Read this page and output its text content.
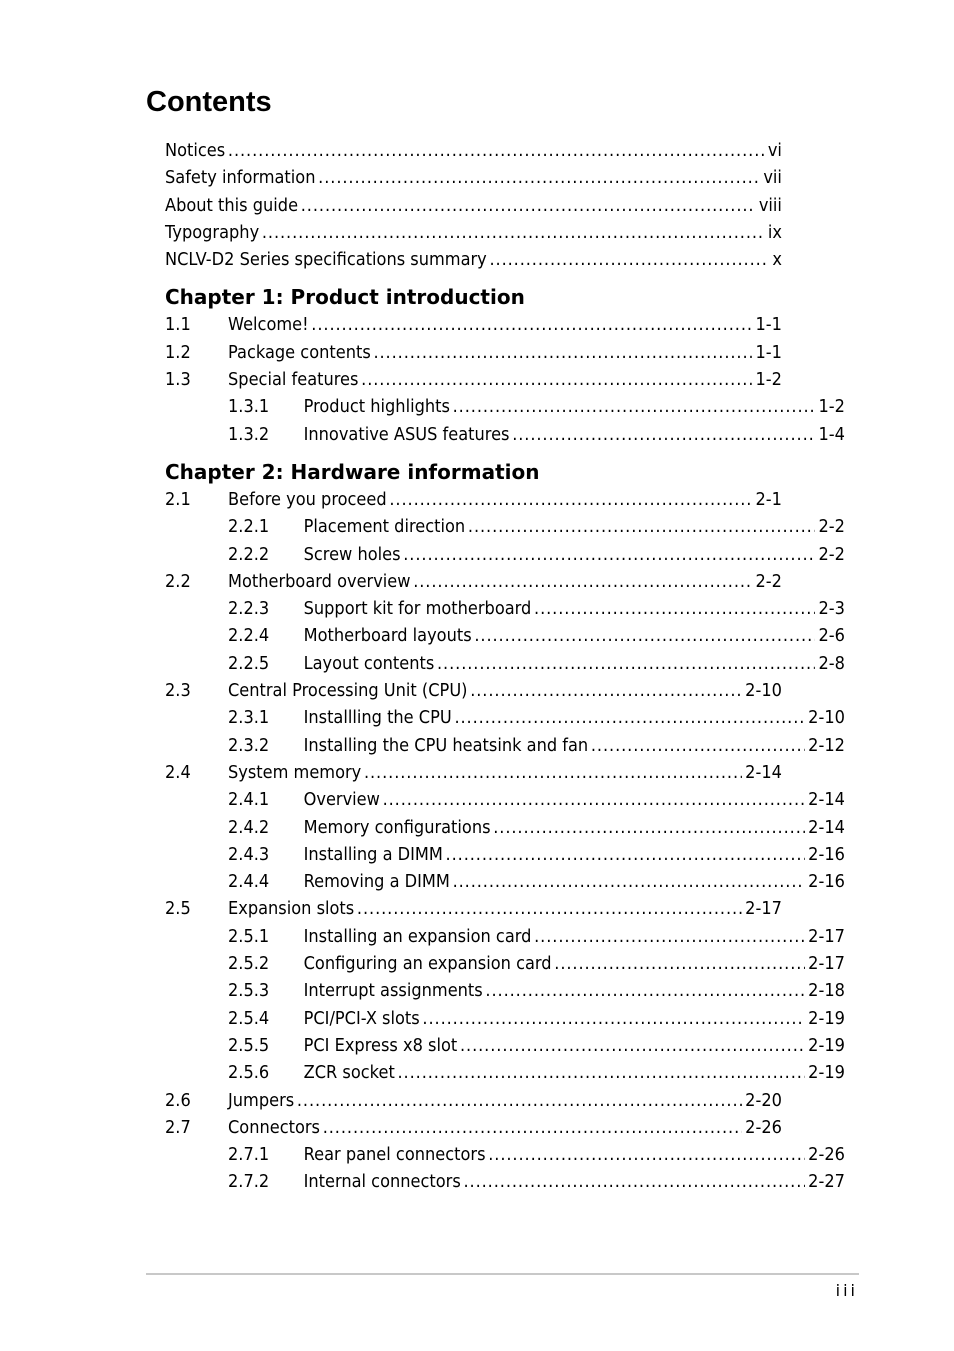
Contents
Notices .....	vi
Safety information .....	vii
About this guide .....	viii
Typography .....	ix
NCLV-D2 Series specifications summary .....	x
Chapter 1: Product introduction
1.1	Welcome! .....	1-1
1.2	Package contents .....	1-1
1.3	Special features .....	1-2
1.3.1	Product highlights .....	1-2
1.3.2	Innovative ASUS features .....	1-4
Chapter 2: Hardware information
2.1	Before you proceed .....	2-1
2.2.1	Placement direction .....	2-2
2.2.2	Screw holes .....	2-2
2.2	Motherboard overview .....	2-2
2.2.3	Support kit for motherboard .....	2-3
2.2.4	Motherboard layouts .....	2-6
2.2.5	Layout contents .....	2-8
2.3	Central Processing Unit (CPU) .....	2-10
2.3.1	Installling the CPU .....	2-10
2.3.2	Installing the CPU heatsink and fan .....	2-12
2.4	System memory .....	2-14
2.4.1	Overview .....	2-14
2.4.2	Memory configurations .....	2-14
2.4.3	Installing a DIMM .....	2-16
2.4.4	Removing a DIMM .....	2-16
2.5	Expansion slots .....	2-17
2.5.1	Installing an expansion card .....	2-17
2.5.2	Configuring an expansion card .....	2-17
2.5.3	Interrupt assignments .....	2-18
2.5.4	PCI/PCI-X slots .....	2-19
2.5.5	PCI Express x8 slot .....	2-19
2.5.6	ZCR socket .....	2-19
2.6	Jumpers .....	2-20
2.7	Connectors .....	2-26
2.7.1	Rear panel connectors .....	2-26
2.7.2	Internal connectors .....	2-27
iii
